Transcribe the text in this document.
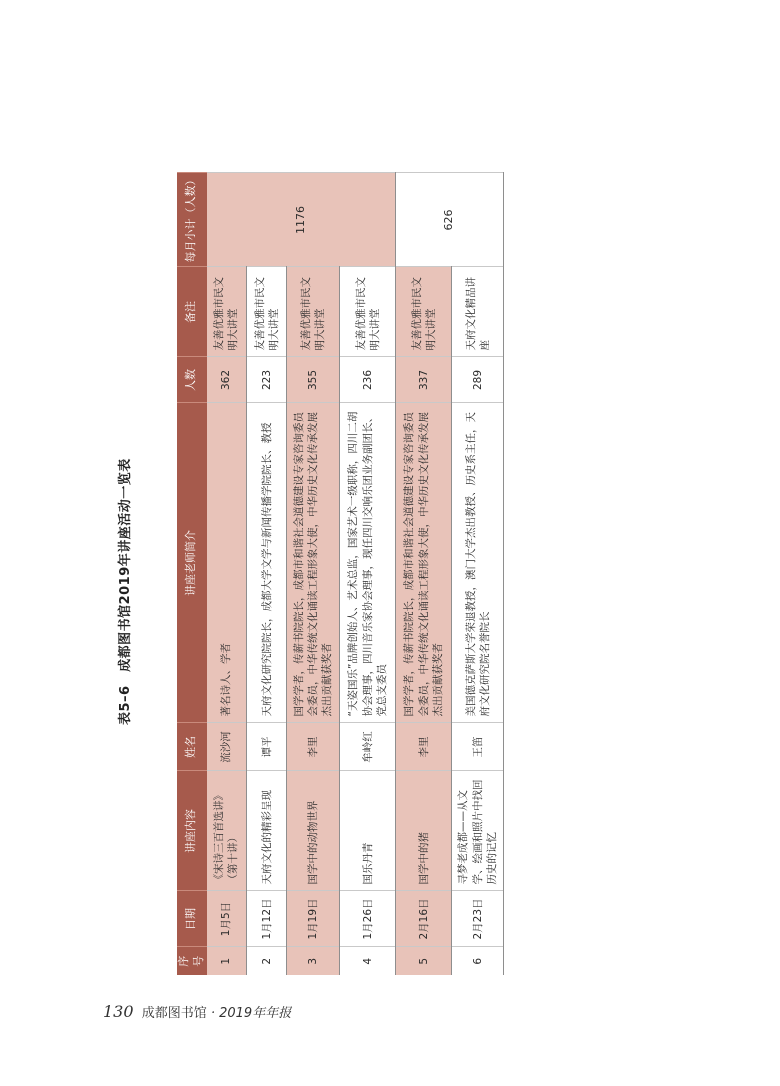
表5–6　成都图书馆2019年讲座活动一览表
序号	日期	讲座内容	姓名	讲座老师简介	人数	备注	每月小计（人数）
1	1月5日	《宋诗三百首选讲》（第十讲）	流沙河	著名诗人、学者	362	友善优雅市民文明大讲堂	1176
2	1月12日	天府文化的精彩呈现	谭平	天府文化研究院院长，成都大学文学与新闻传播学院院长、教授	223	友善优雅市民文明大讲堂	
3	1月19日	国学中的动物世界	李里	国学学者，传薪书院院长，成都市和谐社会道德建设专家咨询委员会委员，中华传统文化诵读工程形象大使，中华历史文化传承发展杰出贡献获奖者	355	友善优雅市民文明大讲堂	
4	1月26日	国乐丹青	牟岭红	“天姿国乐”品牌创始人、艺术总监，国家艺术一级职称，四川二胡协会理事，四川音乐家协会理事，现任四川交响乐团业务副团长、党总支委员	236	友善优雅市民文明大讲堂	
5	2月16日	国学中的猪	李里	国学学者，传薪书院院长，成都市和谐社会道德建设专家咨询委员会委员，中华传统文化诵读工程形象大使，中华历史文化传承发展杰出贡献获奖者	337	友善优雅市民文明大讲堂	626
6	2月23日	寻梦老成都——从文学、绘画和照片中找回历史的记忆	王笛	美国德克萨斯大学荣退教授，澳门大学杰出教授、历史系主任，天府文化研究院名誉院长	289	天府文化精品讲座	
130 成都图书馆 · 2019年年报
